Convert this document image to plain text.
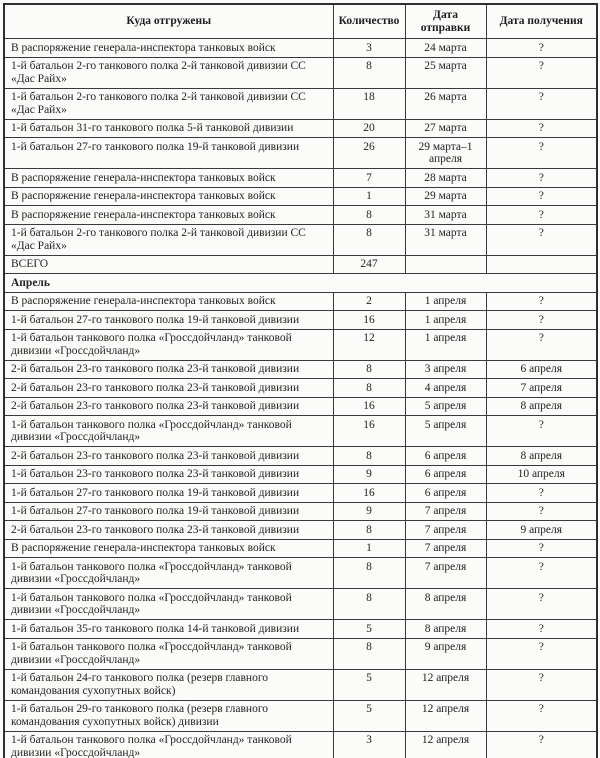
Куда отгружены	Количество	Дата отправки	Дата получения
В распоряжение генерала-инспектора танковых войск	3	24 марта	?
1-й батальон 2-го танкового полка 2-й танковой дивизии СС «Дас Райх»	8	25 марта	?
1-й батальон 2-го танкового полка 2-й танковой дивизии СС «Дас Райх»	18	26 марта	?
1-й батальон 31-го танкового полка 5-й танковой дивизии	20	27 марта	?
1-й батальон 27-го танкового полка 19-й танковой дивизии	26	29 марта–1 апреля	?
В распоряжение генерала-инспектора танковых войск	7	28 марта	?
В распоряжение генерала-инспектора танковых войск	1	29 марта	?
В распоряжение генерала-инспектора танковых войск	8	31 марта	?
1-й батальон 2-го танкового полка 2-й танковой дивизии СС «Дас Райх»	8	31 марта	?
ВСЕГО	247		
Апрель			
В распоряжение генерала-инспектора танковых войск	2	1 апреля	?
1-й батальон 27-го танкового полка 19-й танковой дивизии	16	1 апреля	?
1-й батальон танкового полка «Гроссдойчланд» танковой дивизии «Гроссдойчланд»	12	1 апреля	?
2-й батальон 23-го танкового полка 23-й танковой дивизии	8	3 апреля	6 апреля
2-й батальон 23-го танкового полка 23-й танковой дивизии	8	4 апреля	7 апреля
2-й батальон 23-го танкового полка 23-й танковой дивизии	16	5 апреля	8 апреля
1-й батальон танкового полка «Гроссдойчланд» танковой дивизии «Гроссдойчланд»	16	5 апреля	?
2-й батальон 23-го танкового полка 23-й танковой дивизии	8	6 апреля	8 апреля
1-й батальон 23-го танкового полка 23-й танковой дивизии	9	6 апреля	10 апреля
1-й батальон 27-го танкового полка 19-й танковой дивизии	16	6 апреля	?
1-й батальон 27-го танкового полка 19-й танковой дивизии	9	7 апреля	?
2-й батальон 23-го танкового полка 23-й танковой дивизии	8	7 апреля	9 апреля
В распоряжение генерала-инспектора танковых войск	1	7 апреля	?
1-й батальон танкового полка «Гроссдойчланд» танковой дивизии «Гроссдойчланд»	8	7 апреля	?
1-й батальон танкового полка «Гроссдойчланд» танковой дивизии «Гроссдойчланд»	8	8 апреля	?
1-й батальон 35-го танкового полка 14-й танковой дивизии	5	8 апреля	?
1-й батальон танкового полка «Гроссдойчланд» танковой дивизии «Гроссдойчланд»	8	9 апреля	?
1-й батальон 24-го танкового полка (резерв главного командования сухопутных войск)	5	12 апреля	?
1-й батальон 29-го танкового полка (резерв главного командования сухопутных войск) дивизии	5	12 апреля	?
1-й батальон танкового полка «Гроссдойчланд» танковой дивизии «Гроссдойчланд»	3	12 апреля	?
